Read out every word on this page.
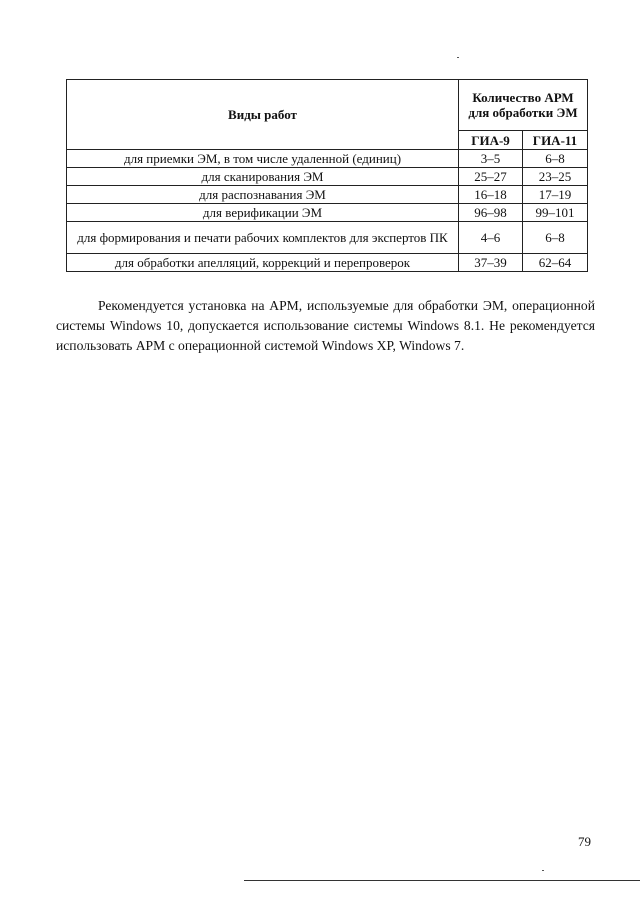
Виды работ	Количество АРМ для обработки ЭМ	
	ГИА-9	ГИА-11
для приемки ЭМ, в том числе удаленной (единиц)	3–5	6–8
для сканирования ЭМ	25–27	23–25
для распознавания ЭМ	16–18	17–19
для верификации ЭМ	96–98	99–101
для формирования и печати рабочих комплектов для экспертов ПК	4–6	6–8
для обработки апелляций, коррекций и перепроверок	37–39	62–64

Рекомендуется установка на АРМ, используемые для обработки ЭМ, операционной системы Windows 10, допускается использование системы Windows 8.1. Не рекомендуется использовать АРМ с операционной системой Windows XP, Windows 7.

79
